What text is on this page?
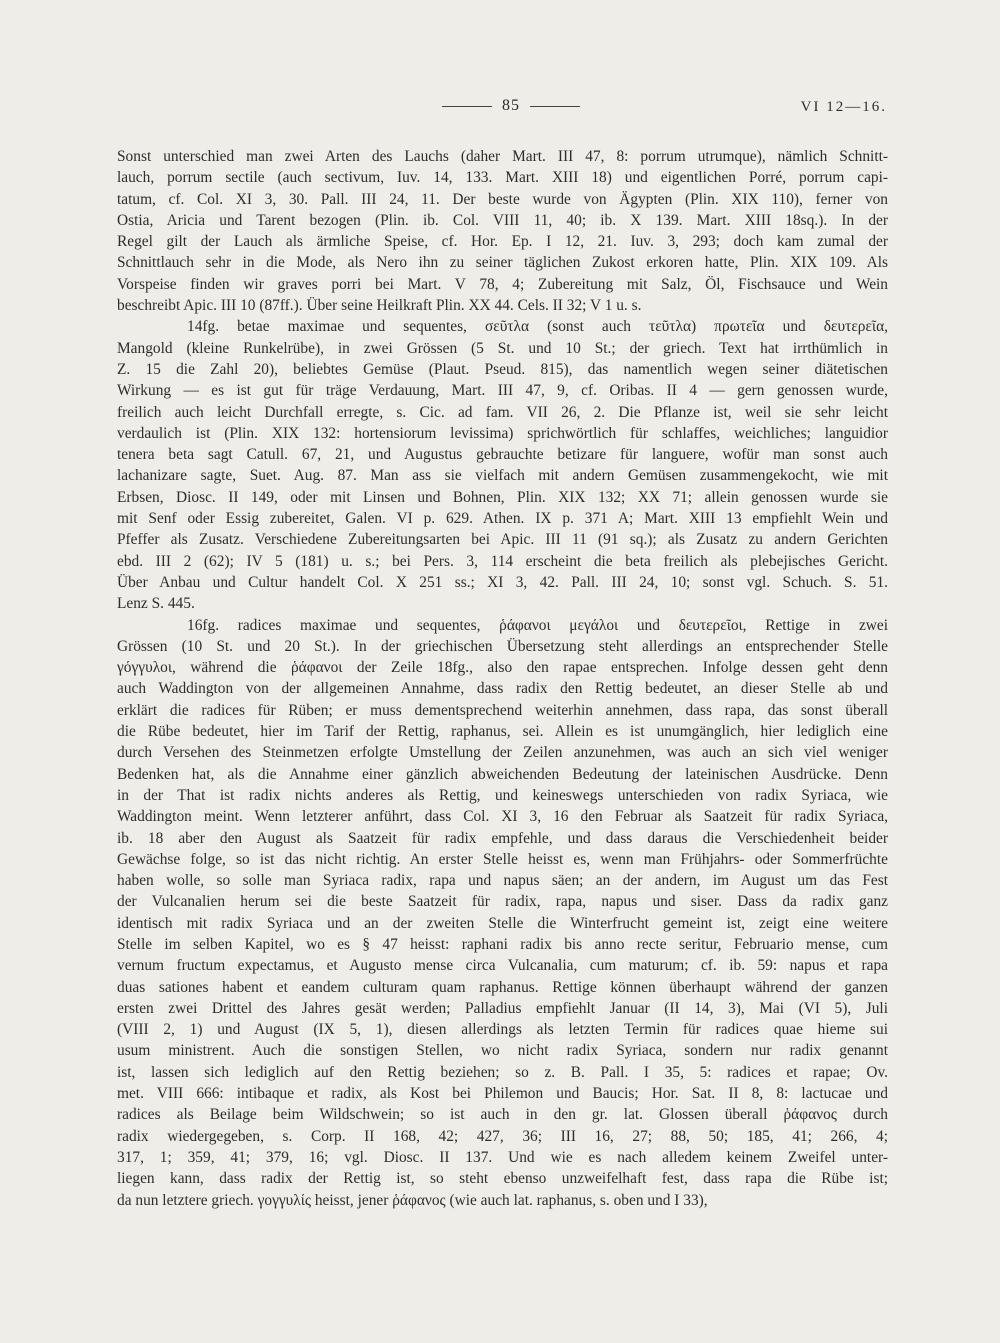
85	VI 12—16.

Sonst unterschied man zwei Arten des Lauchs (daher Mart. III 47, 8: porrum utrumque), nämlich Schnitt-
lauch, porrum sectile (auch sectivum, Iuv. 14, 133. Mart. XIII 18) und eigentlichen Porré, porrum capi-
tatum, cf. Col. XI 3, 30. Pall. III 24, 11. Der beste wurde von Ägypten (Plin. XIX 110), ferner von
Ostia, Aricia und Tarent bezogen (Plin. ib. Col. VIII 11, 40; ib. X 139. Mart. XIII 18sq.). In der
Regel gilt der Lauch als ärmliche Speise, cf. Hor. Ep. I 12, 21. Iuv. 3, 293; doch kam zumal der
Schnittlauch sehr in die Mode, als Nero ihn zu seiner täglichen Zukost erkoren hatte, Plin. XIX 109. Als
Vorspeise finden wir graves porri bei Mart. V 78, 4; Zubereitung mit Salz, Öl, Fischsauce und Wein
beschreibt Apic. III 10 (87ff.). Über seine Heilkraft Plin. XX 44. Cels. II 32; V 1 u. s.

14fg. betae maximae und sequentes, σεῦτλα (sonst auch τεῦτλα) πρωτεῖα und δευτερεῖα,
Mangold (kleine Runkelrübe), in zwei Grössen (5 St. und 10 St.; der griech. Text hat irrthümlich in
Z. 15 die Zahl 20), beliebtes Gemüse (Plaut. Pseud. 815), das namentlich wegen seiner diätetischen
Wirkung — es ist gut für träge Verdauung, Mart. III 47, 9, cf. Oribas. II 4 — gern genossen wurde,
freilich auch leicht Durchfall erregte, s. Cic. ad fam. VII 26, 2. Die Pflanze ist, weil sie sehr leicht
verdaulich ist (Plin. XIX 132: hortensiorum levissima) sprichwörtlich für schlaffes, weichliches; languidior
tenera beta sagt Catull. 67, 21, und Augustus gebrauchte betizare für languere, wofür man sonst auch
lachanizare sagte, Suet. Aug. 87. Man ass sie vielfach mit andern Gemüsen zusammengekocht, wie mit
Erbsen, Diosc. II 149, oder mit Linsen und Bohnen, Plin. XIX 132; XX 71; allein genossen wurde sie
mit Senf oder Essig zubereitet, Galen. VI p. 629. Athen. IX p. 371 A; Mart. XIII 13 empfiehlt Wein und
Pfeffer als Zusatz. Verschiedene Zubereitungsarten bei Apic. III 11 (91 sq.); als Zusatz zu andern Gerichten
ebd. III 2 (62); IV 5 (181) u. s.; bei Pers. 3, 114 erscheint die beta freilich als plebejisches Gericht.
Über Anbau und Cultur handelt Col. X 251 ss.; XI 3, 42. Pall. III 24, 10; sonst vgl. Schuch. S. 51.
Lenz S. 445.

16fg. radices maximae und sequentes, ῥάφανοι μεγάλοι und δευτερεῖοι, Rettige in zwei
Grössen (10 St. und 20 St.). In der griechischen Übersetzung steht allerdings an entsprechender Stelle
γόγγυλοι, während die ῥάφανοι der Zeile 18fg., also den rapae entsprechen. Infolge dessen geht denn
auch Waddington von der allgemeinen Annahme, dass radix den Rettig bedeutet, an dieser Stelle ab und
erklärt die radices für Rüben; er muss dementsprechend weiterhin annehmen, dass rapa, das sonst überall
die Rübe bedeutet, hier im Tarif der Rettig, raphanus, sei. Allein es ist unumgänglich, hier lediglich eine
durch Versehen des Steinmetzen erfolgte Umstellung der Zeilen anzunehmen, was auch an sich viel weniger
Bedenken hat, als die Annahme einer gänzlich abweichenden Bedeutung der lateinischen Ausdrücke. Denn
in der That ist radix nichts anderes als Rettig, und keineswegs unterschieden von radix Syriaca, wie
Waddington meint. Wenn letzterer anführt, dass Col. XI 3, 16 den Februar als Saatzeit für radix Syriaca,
ib. 18 aber den August als Saatzeit für radix empfehle, und dass daraus die Verschiedenheit beider
Gewächse folge, so ist das nicht richtig. An erster Stelle heisst es, wenn man Frühjahrs- oder Sommerfrüchte
haben wolle, so solle man Syriaca radix, rapa und napus säen; an der andern, im August um das Fest
der Vulcanalien herum sei die beste Saatzeit für radix, rapa, napus und siser. Dass da radix ganz
identisch mit radix Syriaca und an der zweiten Stelle die Winterfrucht gemeint ist, zeigt eine weitere
Stelle im selben Kapitel, wo es § 47 heisst: raphani radix bis anno recte seritur, Februario mense, cum
vernum fructum expectamus, et Augusto mense circa Vulcanalia, cum maturum; cf. ib. 59: napus et rapa
duas sationes habent et eandem culturam quam raphanus. Rettige können überhaupt während der ganzen
ersten zwei Drittel des Jahres gesät werden; Palladius empfiehlt Januar (II 14, 3), Mai (VI 5), Juli
(VIII 2, 1) und August (IX 5, 1), diesen allerdings als letzten Termin für radices quae hieme sui
usum ministrent. Auch die sonstigen Stellen, wo nicht radix Syriaca, sondern nur radix genannt
ist, lassen sich lediglich auf den Rettig beziehen; so z. B. Pall. I 35, 5: radices et rapae; Ov.
met. VIII 666: intibaque et radix, als Kost bei Philemon und Baucis; Hor. Sat. II 8, 8: lactucae und
radices als Beilage beim Wildschwein; so ist auch in den gr. lat. Glossen überall ῥάφανος durch
radix wiedergegeben, s. Corp. II 168, 42; 427, 36; III 16, 27; 88, 50; 185, 41; 266, 4;
317, 1; 359, 41; 379, 16; vgl. Diosc. II 137. Und wie es nach alledem keinem Zweifel unter-
liegen kann, dass radix der Rettig ist, so steht ebenso unzweifelhaft fest, dass rapa die Rübe ist;
da nun letztere griech. γογγυλίς heisst, jener ῥάφανος (wie auch lat. raphanus, s. oben und I 33),
